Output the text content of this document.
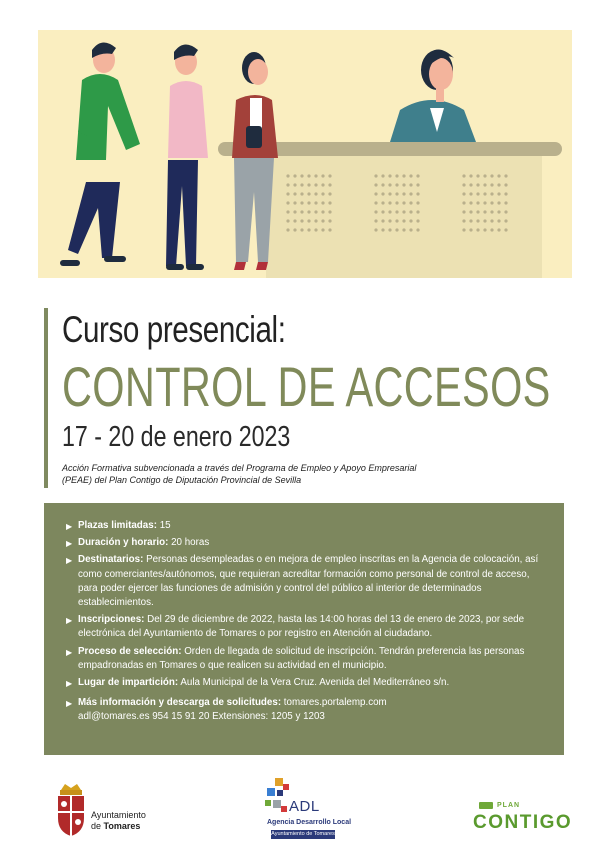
Curso presencial:
CONTROL DE ACCESOS
17 - 20 de enero 2023
Acción Formativa subvencionada a través del Programa de Empleo y Apoyo Empresarial
(PEAE) del Plan Contigo de Diputación Provincial de Sevilla
▶ Plazas limitadas: 15
▶ Duración y horario: 20 horas
▶ Destinatarios: Personas desempleadas o en mejora de empleo inscritas en la Agencia de colocación, así como comerciantes/autónomos, que requieran acreditar formación como personal de control de acceso, para poder ejercer las funciones de admisión y control del público al interior de determinados establecimientos.
▶ Inscripciones: Del 29 de diciembre de 2022, hasta las 14:00 horas del 13 de enero de 2023, por sede electrónica del Ayuntamiento de Tomares o por registro en Atención al ciudadano.
▶ Proceso de selección: Orden de llegada de solicitud de inscripción. Tendrán preferencia las personas empadronadas en Tomares o que realicen su actividad en el municipio.
▶ Lugar de impartición: Aula Municipal de la Vera Cruz. Avenida del Mediterráneo s/n.
▶ Más información y descarga de solicitudes: tomares.portalemp.com
adl@tomares.es 954 15 91 20 Extensiones: 1205 y 1203
Ayuntamiento
de Tomares
ADL
Agencia Desarrollo Local
Ayuntamiento de Tomares
PLAN
CONTIGO
